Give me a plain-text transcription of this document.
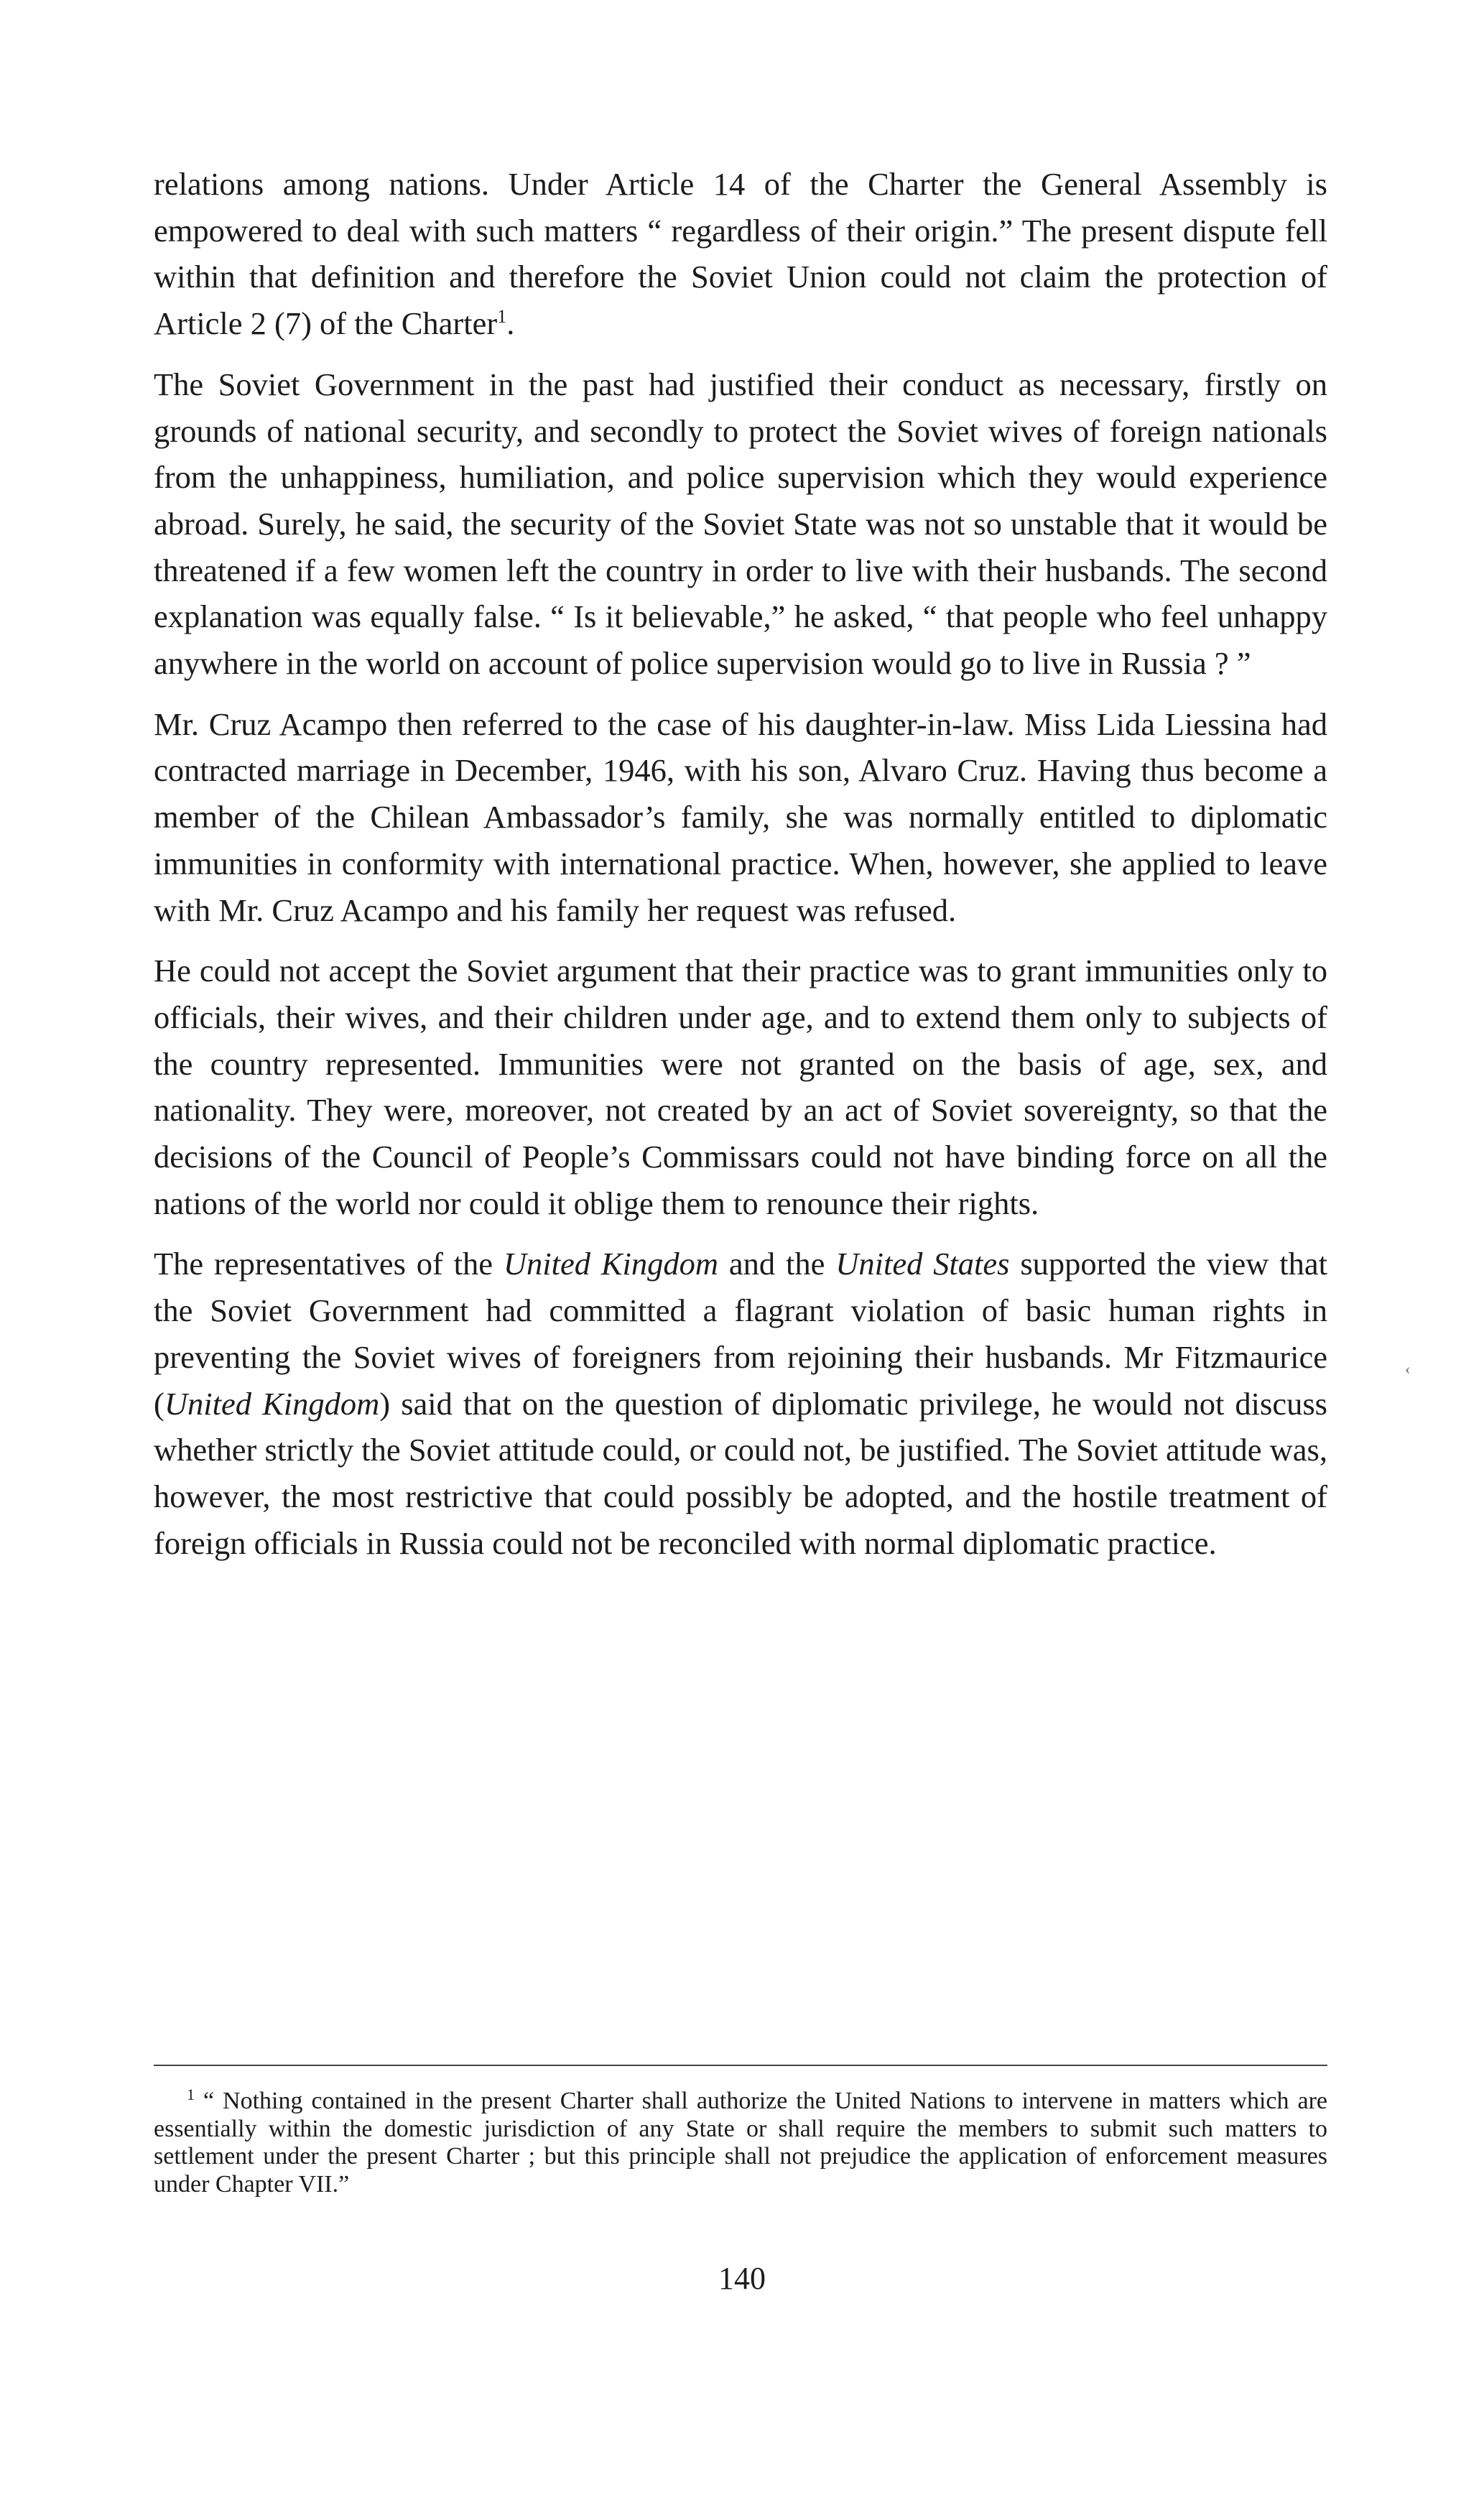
relations among nations. Under Article 14 of the Charter the General Assembly is empowered to deal with such matters “ regardless of their origin.” The present dispute fell within that definition and therefore the Soviet Union could not claim the protection of Article 2 (7) of the Charter$^1$.

The Soviet Government in the past had justified their conduct as necessary, firstly on grounds of national security, and secondly to protect the Soviet wives of foreign nationals from the unhappiness, humiliation, and police supervision which they would experience abroad. Surely, he said, the security of the Soviet State was not so unstable that it would be threatened if a few women left the country in order to live with their husbands. The second explanation was equally false. “ Is it believable,” he asked, “ that people who feel unhappy anywhere in the world on account of police supervision would go to live in Russia ? ”

Mr. Cruz Acampo then referred to the case of his daughter-in-law. Miss Lida Liessina had contracted marriage in December, 1946, with his son, Alvaro Cruz. Having thus become a member of the Chilean Ambassador’s family, she was normally entitled to diplomatic immunities in conformity with international practice. When, however, she applied to leave with Mr. Cruz Acampo and his family her request was refused.

He could not accept the Soviet argument that their practice was to grant immunities only to officials, their wives, and their children under age, and to extend them only to subjects of the country represented. Immunities were not granted on the basis of age, sex, and nationality. They were, moreover, not created by an act of Soviet sovereignty, so that the decisions of the Council of People’s Commissars could not have binding force on all the nations of the world nor could it oblige them to renounce their rights.

The representatives of the United Kingdom and the United States supported the view that the Soviet Government had committed a flagrant violation of basic human rights in preventing the Soviet wives of foreigners from rejoining their husbands. Mr Fitzmaurice (United Kingdom) said that on the question of diplomatic privilege, he would not discuss whether strictly the Soviet attitude could, or could not, be justified. The Soviet attitude was, however, the most restrictive that could possibly be adopted, and the hostile treatment of foreign officials in Russia could not be reconciled with normal diplomatic practice.

‹
$^1$ “ Nothing contained in the present Charter shall authorize the United Nations to intervene in matters which are essentially within the domestic jurisdiction of any State or shall require the members to submit such matters to settlement under the present Charter ; but this principle shall not prejudice the application of enforcement measures under Chapter VII.”
140
